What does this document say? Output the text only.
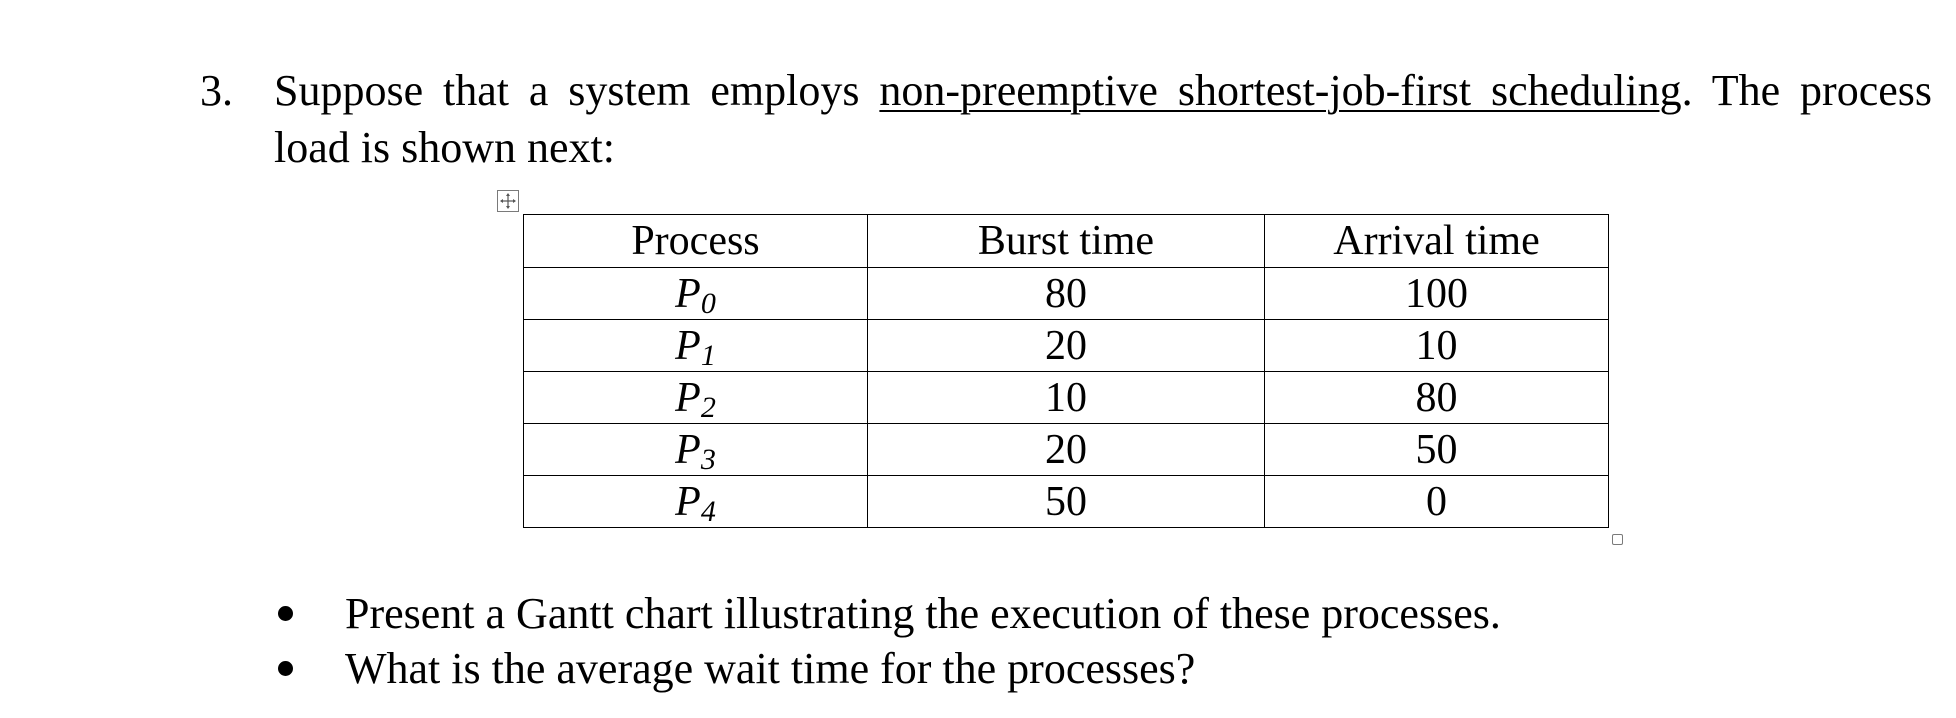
3. Suppose that a system employs non-preemptive shortest-job-first scheduling. The process
load is shown next:
Process	Burst time	Arrival time
$P_0$	80	100
$P_1$	20	10
$P_2$	10	80
$P_3$	20	50
$P_4$	50	0
Present a Gantt chart illustrating the execution of these processes.
What is the average wait time for the processes?
